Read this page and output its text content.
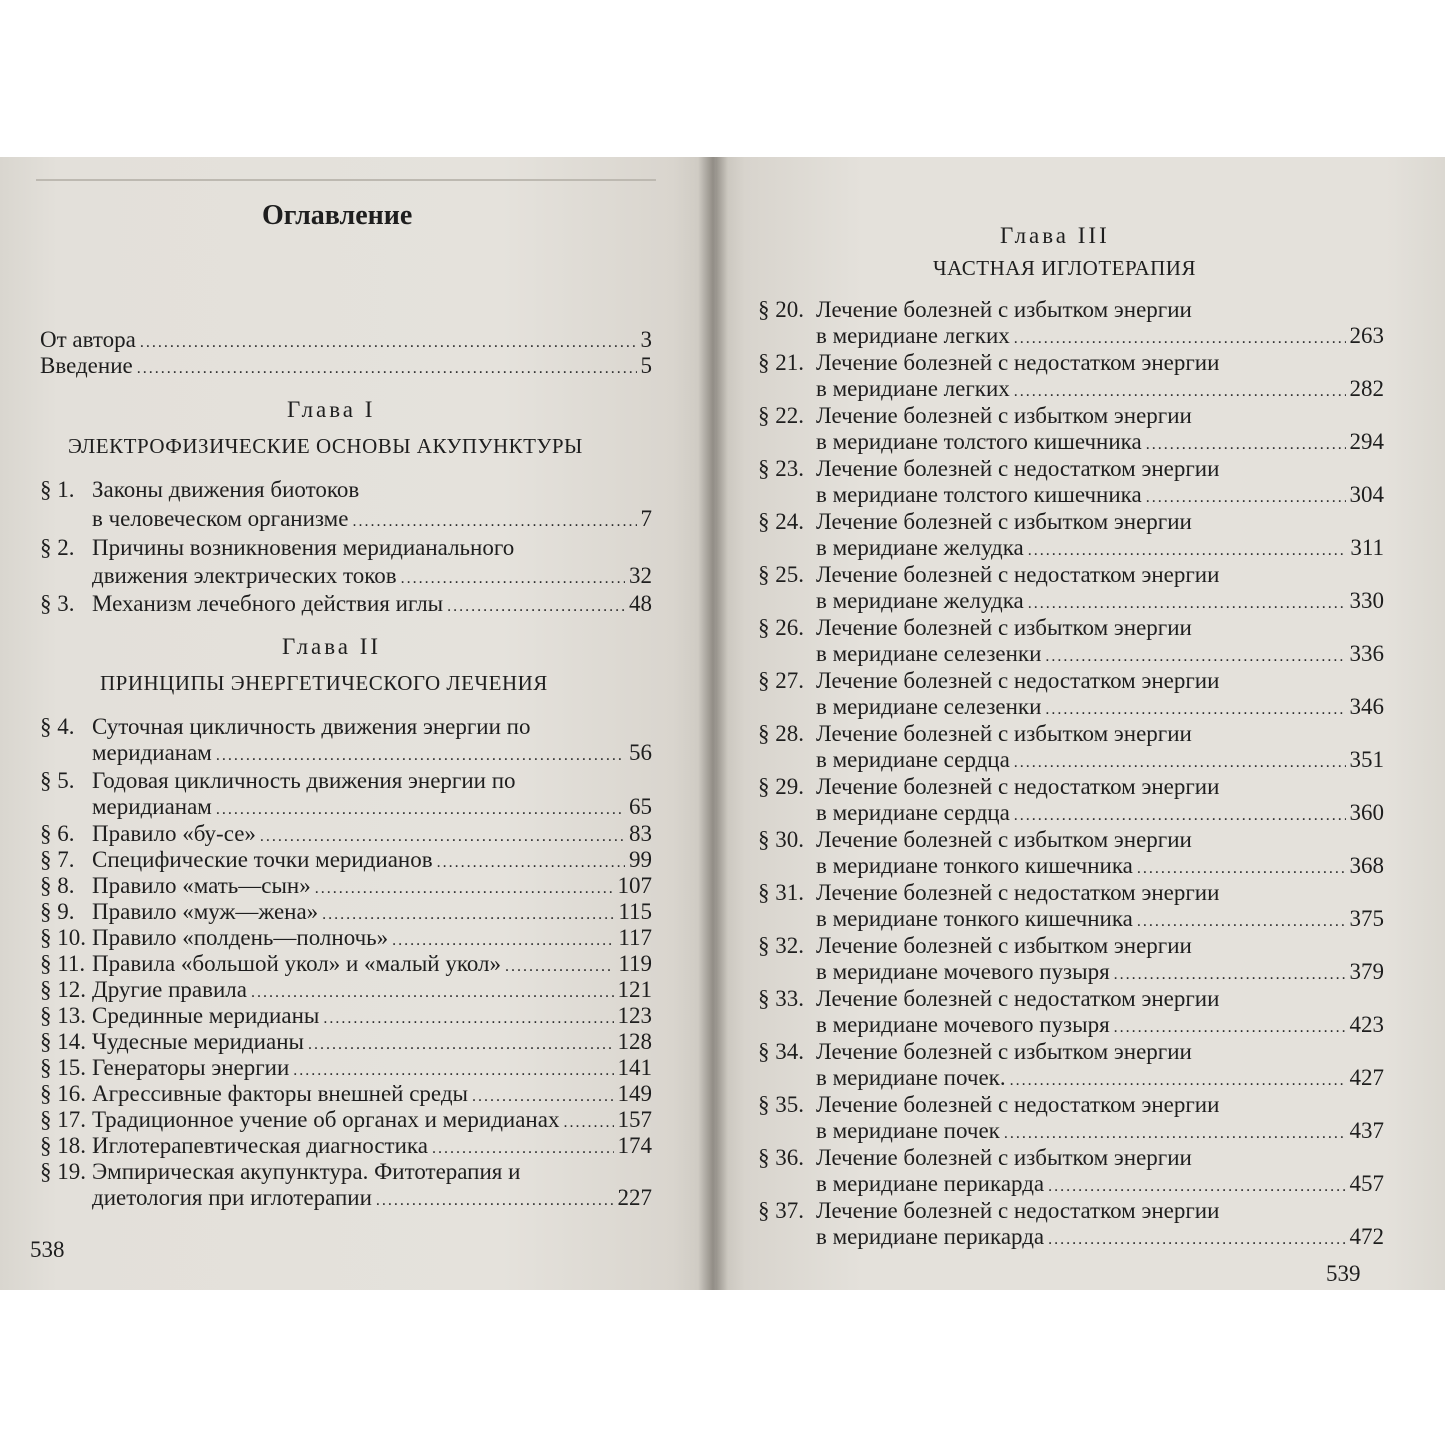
Оглавление
От автора .....	3
Введение .....	5
Глава I
ЭЛЕКТРОФИЗИЧЕСКИЕ ОСНОВЫ АКУПУНКТУРЫ
§ 1. Законы движения биотоков
в человеческом организме .....	7
§ 2. Причины возникновения меридианального
движения электрических токов .....	32
§ 3. Механизм лечебного действия иглы .....	48
Глава II
ПРИНЦИПЫ ЭНЕРГЕТИЧЕСКОГО ЛЕЧЕНИЯ
§ 4. Суточная цикличность движения энергии по
меридианам .....	56
§ 5. Годовая цикличность движения энергии по
меридианам .....	65
§ 6. Правило «бу-се» .....	83
§ 7. Специфические точки меридианов .....	99
§ 8. Правило «мать—сын» .....	107
§ 9. Правило «муж—жена» .....	115
§ 10. Правило «полдень—полночь» .....	117
§ 11. Правила «большой укол» и «малый укол» .....	119
§ 12. Другие правила .....	121
§ 13. Срединные меридианы .....	123
§ 14. Чудесные меридианы .....	128
§ 15. Генераторы энергии .....	141
§ 16. Агрессивные факторы внешней среды .....	149
§ 17. Традиционное учение об органах и меридианах .....	157
§ 18. Иглотерапевтическая диагностика .....	174
§ 19. Эмпирическая акупунктура. Фитотерапия и
диетология при иглотерапии .....	227
538
Глава III
ЧАСТНАЯ ИГЛОТЕРАПИЯ
§ 20. Лечение болезней с избытком энергии
в меридиане легких .....	263
§ 21. Лечение болезней с недостатком энергии
в меридиане легких .....	282
§ 22. Лечение болезней с избытком энергии
в меридиане толстого кишечника .....	294
§ 23. Лечение болезней с недостатком энергии
в меридиане толстого кишечника .....	304
§ 24. Лечение болезней с избытком энергии
в меридиане желудка .....	311
§ 25. Лечение болезней с недостатком энергии
в меридиане желудка .....	330
§ 26. Лечение болезней с избытком энергии
в меридиане селезенки .....	336
§ 27. Лечение болезней с недостатком энергии
в меридиане селезенки .....	346
§ 28. Лечение болезней с избытком энергии
в меридиане сердца .....	351
§ 29. Лечение болезней с недостатком энергии
в меридиане сердца .....	360
§ 30. Лечение болезней с избытком энергии
в меридиане тонкого кишечника .....	368
§ 31. Лечение болезней с недостатком энергии
в меридиане тонкого кишечника .....	375
§ 32. Лечение болезней с избытком энергии
в меридиане мочевого пузыря .....	379
§ 33. Лечение болезней с недостатком энергии
в меридиане мочевого пузыря .....	423
§ 34. Лечение болезней с избытком энергии
в меридиане почек. .....	427
§ 35. Лечение болезней с недостатком энергии
в меридиане почек .....	437
§ 36. Лечение болезней с избытком энергии
в меридиане перикарда .....	457
§ 37. Лечение болезней с недостатком энергии
в меридиане перикарда .....	472
539
